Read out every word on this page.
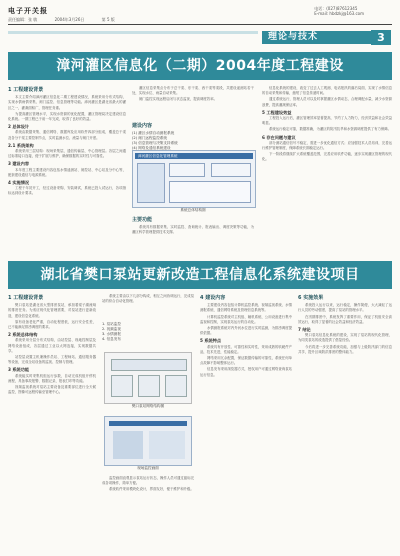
电子开关报
责任编辑：张 敏	2004年3月26日	第 5 版
电话：(027)87612345
E-mail: hbdzkj@163.com
理论与技术	3
漳河灌区信息化（二期）2004年度工程建设
1 工程建设背景

本文主要介绍漳河灌区信息化二期工程建设情况，系统采用分布式结构，实现水情雨情采集、闸门监控、信息管理等功能。漳河灌区是湖北省最大的灌区之一，灌溉面积广，管理任务重。

为提高灌区管理水平，实现水资源的优化配置，灌区管理局决定建设信息化系统。一期工程已于前一年完成，取得了良好的效益。

2 总体设计

系统由数据采集、通信网络、数据库及应用软件四部分组成，覆盖总干渠及各分干渠主要控制节点，实时监测水位、流量与闸门开度。

2.1 系统架构

系统采用三层结构：现场采集层、通信传输层、中心管理层。各层之间通过标准接口连接，便于扩展与维护，确保数据的实时性与可靠性。

3 建设内容

本年度工程主要建设内容包括水情遥测站、闸控站、中心站及分中心等，配套建设通信与电源系统。

4 实施情况

工程于年初开工，经过设备采购、安装调试，系统已投入试运行，各项指标达到设计要求。

灌区信息采集点分布于总干渠、东干渠、西干渠等渠段，共建设遥测站若干处，实现水位、雨量自动采集。

闸门监控实现远程启闭与状态监视，提高调度效率。

建设内容
(1) 灌区水情自动测报系统
(2) 闸门远程监控系统
(3) 信息管理与决策支持系统
(4) 网络及通信系统建设
漳河灌区信息化管理系统
系统总体结构图
主要功能

系统具有数据采集、实时监控、查询统计、报表输出、调度决策等功能，为灌区科学管理提供技术支撑。

信息化系统的建设，改变了过去人工观测、电话报汛的落后局面，实现了水情信息的自动采集和传输，缩短了信息传递时间。

通过系统运行，管理人员可以及时掌握灌区水情动态，合理调配水量，减少水资源浪费，提高灌溉保证率。

5 工程建设效益

工程投入运行后，灌区管理效率显著提高，节约了人力物力，经济效益和社会效益明显。

系统运行稳定可靠，数据准确，为灌区的防汛抗旱和水资源调度提供了有力保障。

6 存在问题与建议

部分测站通信信号不稳定，需进一步优化通信方式；应加强技术人员培训，完善运行维护管理制度，保障系统长期稳定运行。

下一阶段将继续扩大系统覆盖范围，完善应用软件功能，逐步实现灌区管理的现代化。

湖北省樊口泵站更新改造工程信息化系统建设项目
1 工程建设背景

樊口泵站是湖北省大型排涝泵站，承担着梁子湖流域的排涝任务。为适应现代化管理需要，对泵站进行更新改造，建设信息化系统。

原有设备老化严重，自动化程度低，运行安全性差，已不能满足排涝调度的要求。

2 系统总体结构

系统采用分层分布式结构，由站控层、现地控制层及网络设备组成，各层通过工业以太网连接，实现数据共享。

站控层设置主机兼操作员站、工程师站、通信服务器等设备，完成全站设备的监视、控制与管理。

3 系统功能

系统能实时采集机组运行参数，自动完成机组开停机流程，具备事故报警、数据记录、报表打印等功能。

视频监视系统对泵站主要设备及重要部位进行全天候监控，图像可远程传输至管理中心。

系统主要由以下几部分构成，相互之间协调运行，完成泵站的综合自动化管理。

1. 泵站监控
2. 视频监视
3. 水情测报
4. 信息发布
樊口泵站网络结构图
现场监控画面

监控画面直观显示泵站运行状态，操作人员可通过鼠标完成各项操作，简单方便。

系统软件采用模块化设计，界面友好，便于维护和升级。

4 建设内容

主要建设内容包括计算机监控系统、视频监视系统、水情测报系统、通信网络系统及管理信息系统等。

计算机监控系统对主机组、辅机系统、公用设备进行集中监视和控制，实现泵站运行的自动化。

水情测报系统对内外河水位进行实时监测，为排涝调度提供依据。

5 系统特点

系统具有开放性、可靠性和实时性，采用成熟的软硬件产品，技术先进，性能稳定。

网络采用冗余配置，保证数据传输的可靠性，系统任何单点故障不影响整体运行。

信息发布采用浏览器方式，授权用户可通过网络查询泵站运行信息。

6 实施效果

系统投入运行以来，运行稳定，操作简便，大大减轻了运行人员的劳动强度，提高了泵站的管理水平。

在汛期排涝中，系统发挥了重要作用，保证了机组安全高效运行，取得了显著的社会效益和经济效益。

7 结论

樊口泵站信息化系统的建设，实现了泵站的现代化管理，为同类泵站的改造提供了借鉴经验。

今后将进一步完善系统功能，加强与上级防汛部门的信息共享，提升区域防洪排涝的整体能力。
